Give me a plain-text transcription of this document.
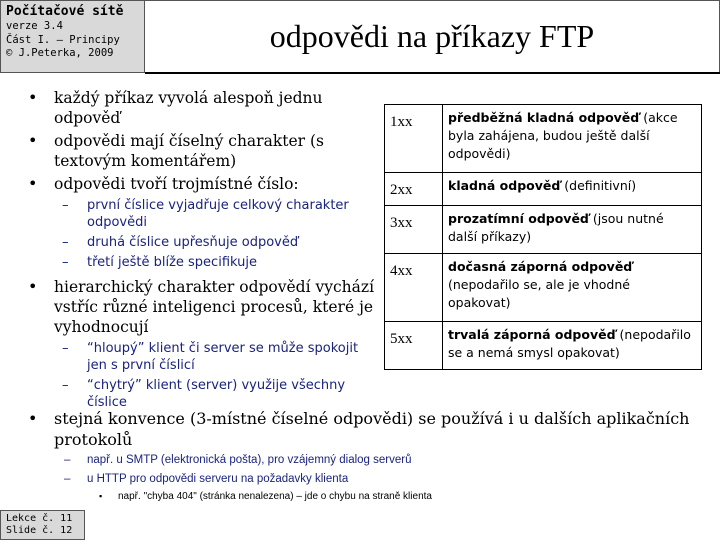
Počítačové sítě
verze 3.4
Část I. – Principy
© J.Peterka, 2009	odpovědi na příkazy FTP
• každý příkaz vyvolá alespoň jednu odpověď
• odpovědi mají číselný charakter (s textovým komentářem)
• odpovědi tvoří trojmístné číslo:
– první číslice vyjadřuje celkový charakter odpovědi
– druhá číslice upřesňuje odpověď
– třetí ještě blíže specifikuje
• hierarchický charakter odpovědí vychází vstříc různé inteligenci procesů, které je vyhodnocují
– “hloupý” klient či server se může spokojit jen s první číslicí
– “chytrý” klient (server) využije všechny číslice
1xx	předběžná kladná odpověď (akce byla zahájena, budou ještě další odpovědi)
2xx	kladná odpověď (definitivní)
3xx	prozatímní odpověď (jsou nutné další příkazy)
4xx	dočasná záporná odpověď (nepodařilo se, ale je vhodné opakovat)
5xx	trvalá záporná odpověď (nepodařilo se a nemá smysl opakovat)
• stejná konvence (3-místné číselné odpovědi) se používá i u dalších aplikačních protokolů
– např. u SMTP (elektronická pošta), pro vzájemný dialog serverů
– u HTTP pro odpovědi serveru na požadavky klienta
▪ např. "chyba 404" (stránka nenalezena) – jde o chybu na straně klienta
Lekce č. 11
Slide č. 12
